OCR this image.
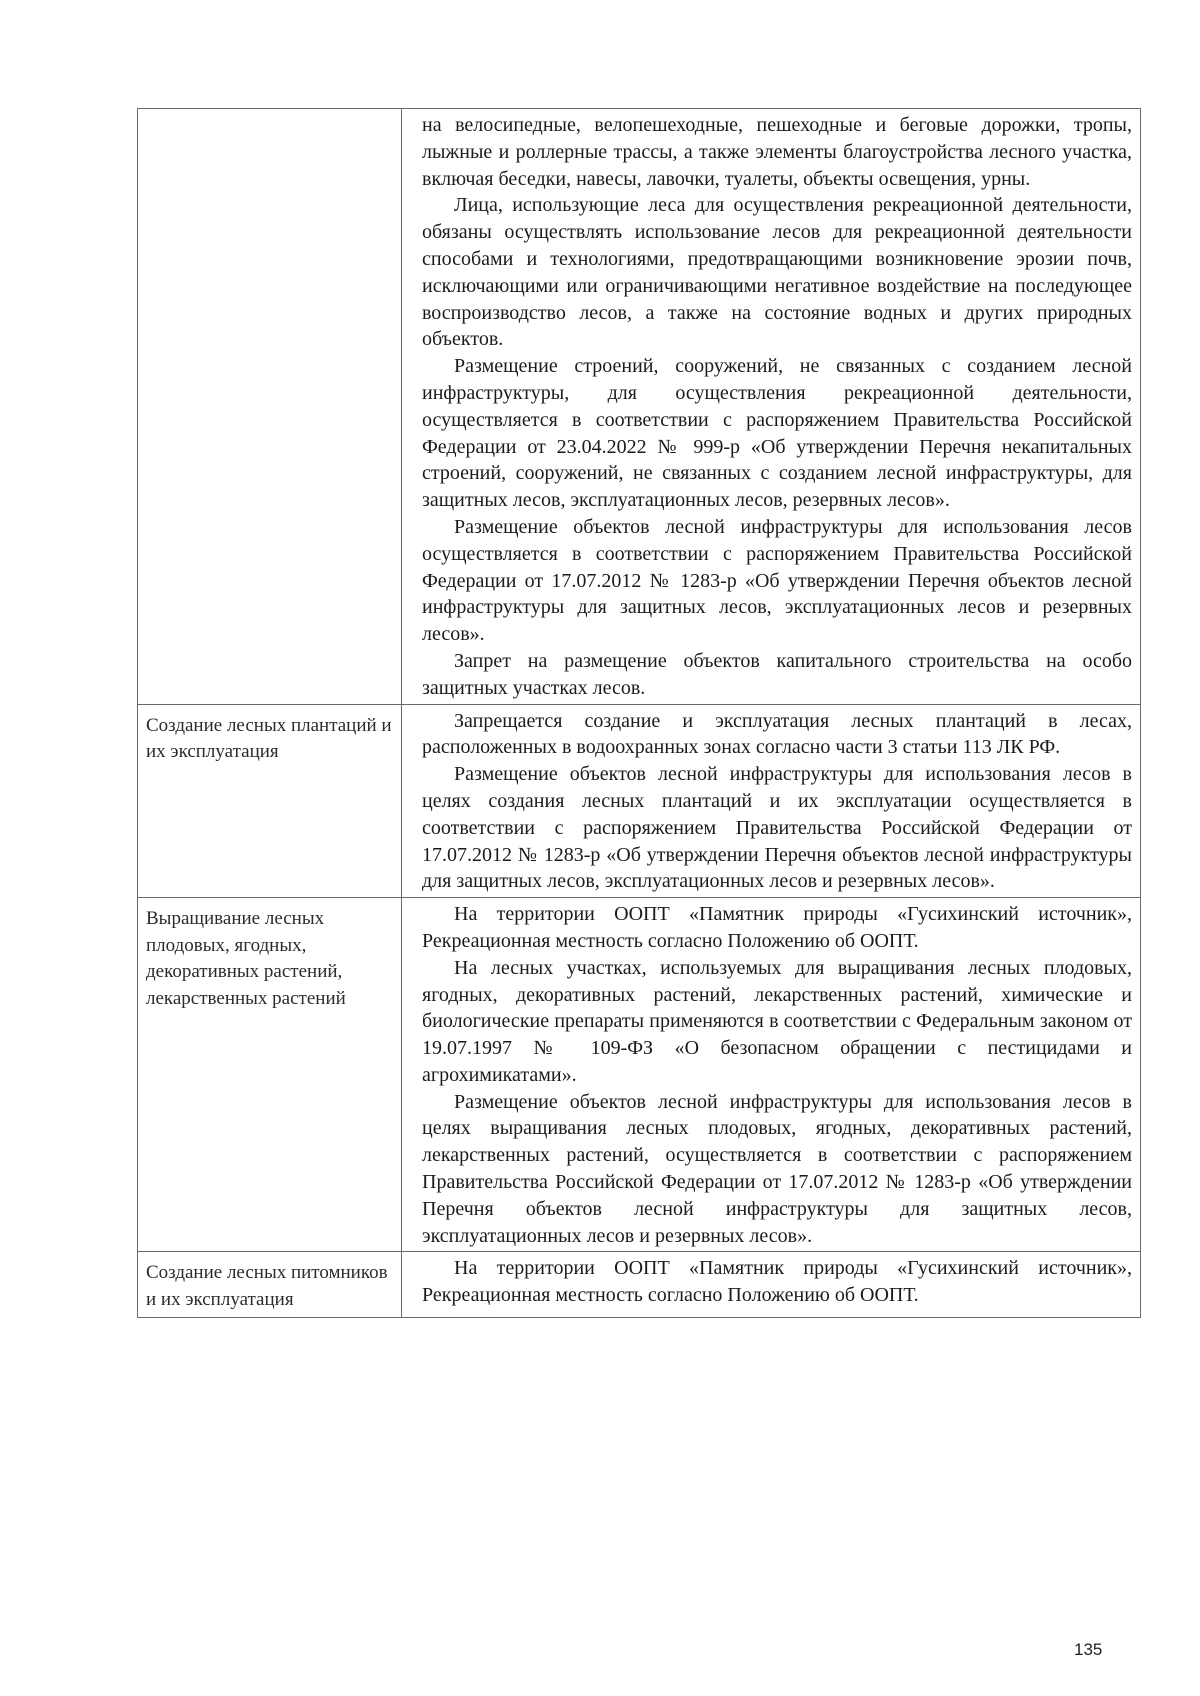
	на велосипедные, велопешеходные, пешеходные и беговые дорожки, тропы, лыжные и роллерные трассы, а также элементы благоустройства лесного участка, включая беседки, навесы, лавочки, туалеты, объекты освещения, урны.

Лица, использующие леса для осуществления рекреационной деятельности, обязаны осуществлять использование лесов для рекреационной деятельности способами и технологиями, предотвращающими возникновение эрозии почв, исключающими или ограничивающими негативное воздействие на последующее воспроизводство лесов, а также на состояние водных и других природных объектов.

Размещение строений, сооружений, не связанных с созданием лесной инфраструктуры, для осуществления рекреационной деятельности, осуществляется в соответствии с распоряжением Правительства Российской Федерации от 23.04.2022 № 999-р «Об утверждении Перечня некапитальных строений, сооружений, не связанных с созданием лесной инфраструктуры, для защитных лесов, эксплуатационных лесов, резервных лесов».

Размещение объектов лесной инфраструктуры для использования лесов осуществляется в соответствии с распоряжением Правительства Российской Федерации от 17.07.2012 № 1283-р «Об утверждении Перечня объектов лесной инфраструктуры для защитных лесов, эксплуатационных лесов и резервных лесов».

Запрет на размещение объектов капитального строительства на особо защитных участках лесов.

Создание лесных плантаций и их эксплуатация	Запрещается создание и эксплуатация лесных плантаций в лесах, расположенных в водоохранных зонах согласно части 3 статьи 113 ЛК РФ.

Размещение объектов лесной инфраструктуры для использования лесов в целях создания лесных плантаций и их эксплуатации осуществляется в соответствии с распоряжением Правительства Российской Федерации от 17.07.2012 № 1283-р «Об утверждении Перечня объектов лесной инфраструктуры для защитных лесов, эксплуатационных лесов и резервных лесов».

Выращивание лесных плодовых, ягодных, декоративных растений, лекарственных растений	На территории ООПТ «Памятник природы «Гусихинский источник», Рекреационная местность согласно Положению об ООПТ.

На лесных участках, используемых для выращивания лесных плодовых, ягодных, декоративных растений, лекарственных растений, химические и биологические препараты применяются в соответствии с Федеральным законом от 19.07.1997 № 109-ФЗ «О безопасном обращении с пестицидами и агрохимикатами».

Размещение объектов лесной инфраструктуры для использования лесов в целях выращивания лесных плодовых, ягодных, декоративных растений, лекарственных растений, осуществляется в соответствии с распоряжением Правительства Российской Федерации от 17.07.2012 № 1283-р «Об утверждении Перечня объектов лесной инфраструктуры для защитных лесов, эксплуатационных лесов и резервных лесов».

Создание лесных питомников и их эксплуатация	На территории ООПТ «Памятник природы «Гусихинский источник», Рекреационная местность согласно Положению об ООПТ.

135
